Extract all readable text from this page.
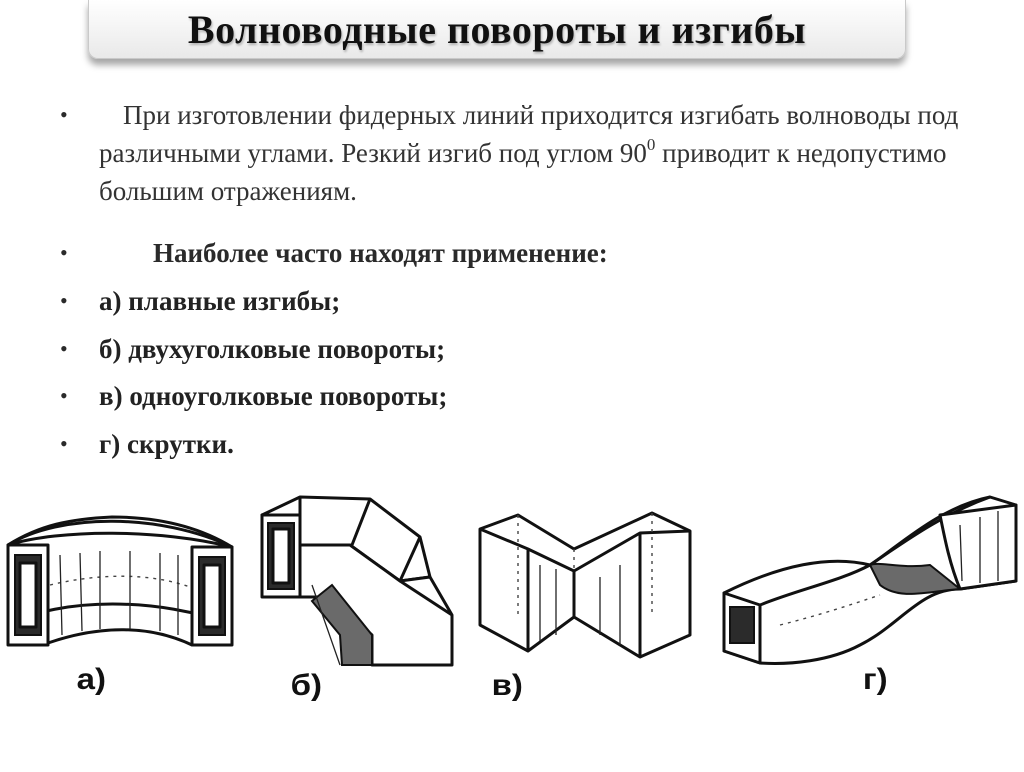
Волноводные повороты и изгибы
•	При изготовлении фидерных линий приходится изгибать волноводы под различными углами. Резкий изгиб под углом $90^0$ приводит к недопустимо большим отражениям.
•	Наиболее часто находят применение:
• а) плавные изгибы;
• б) двухуголковые повороты;
• в) одноуголковые повороты;
• г) скрутки.
а)	б)	в)	г)
